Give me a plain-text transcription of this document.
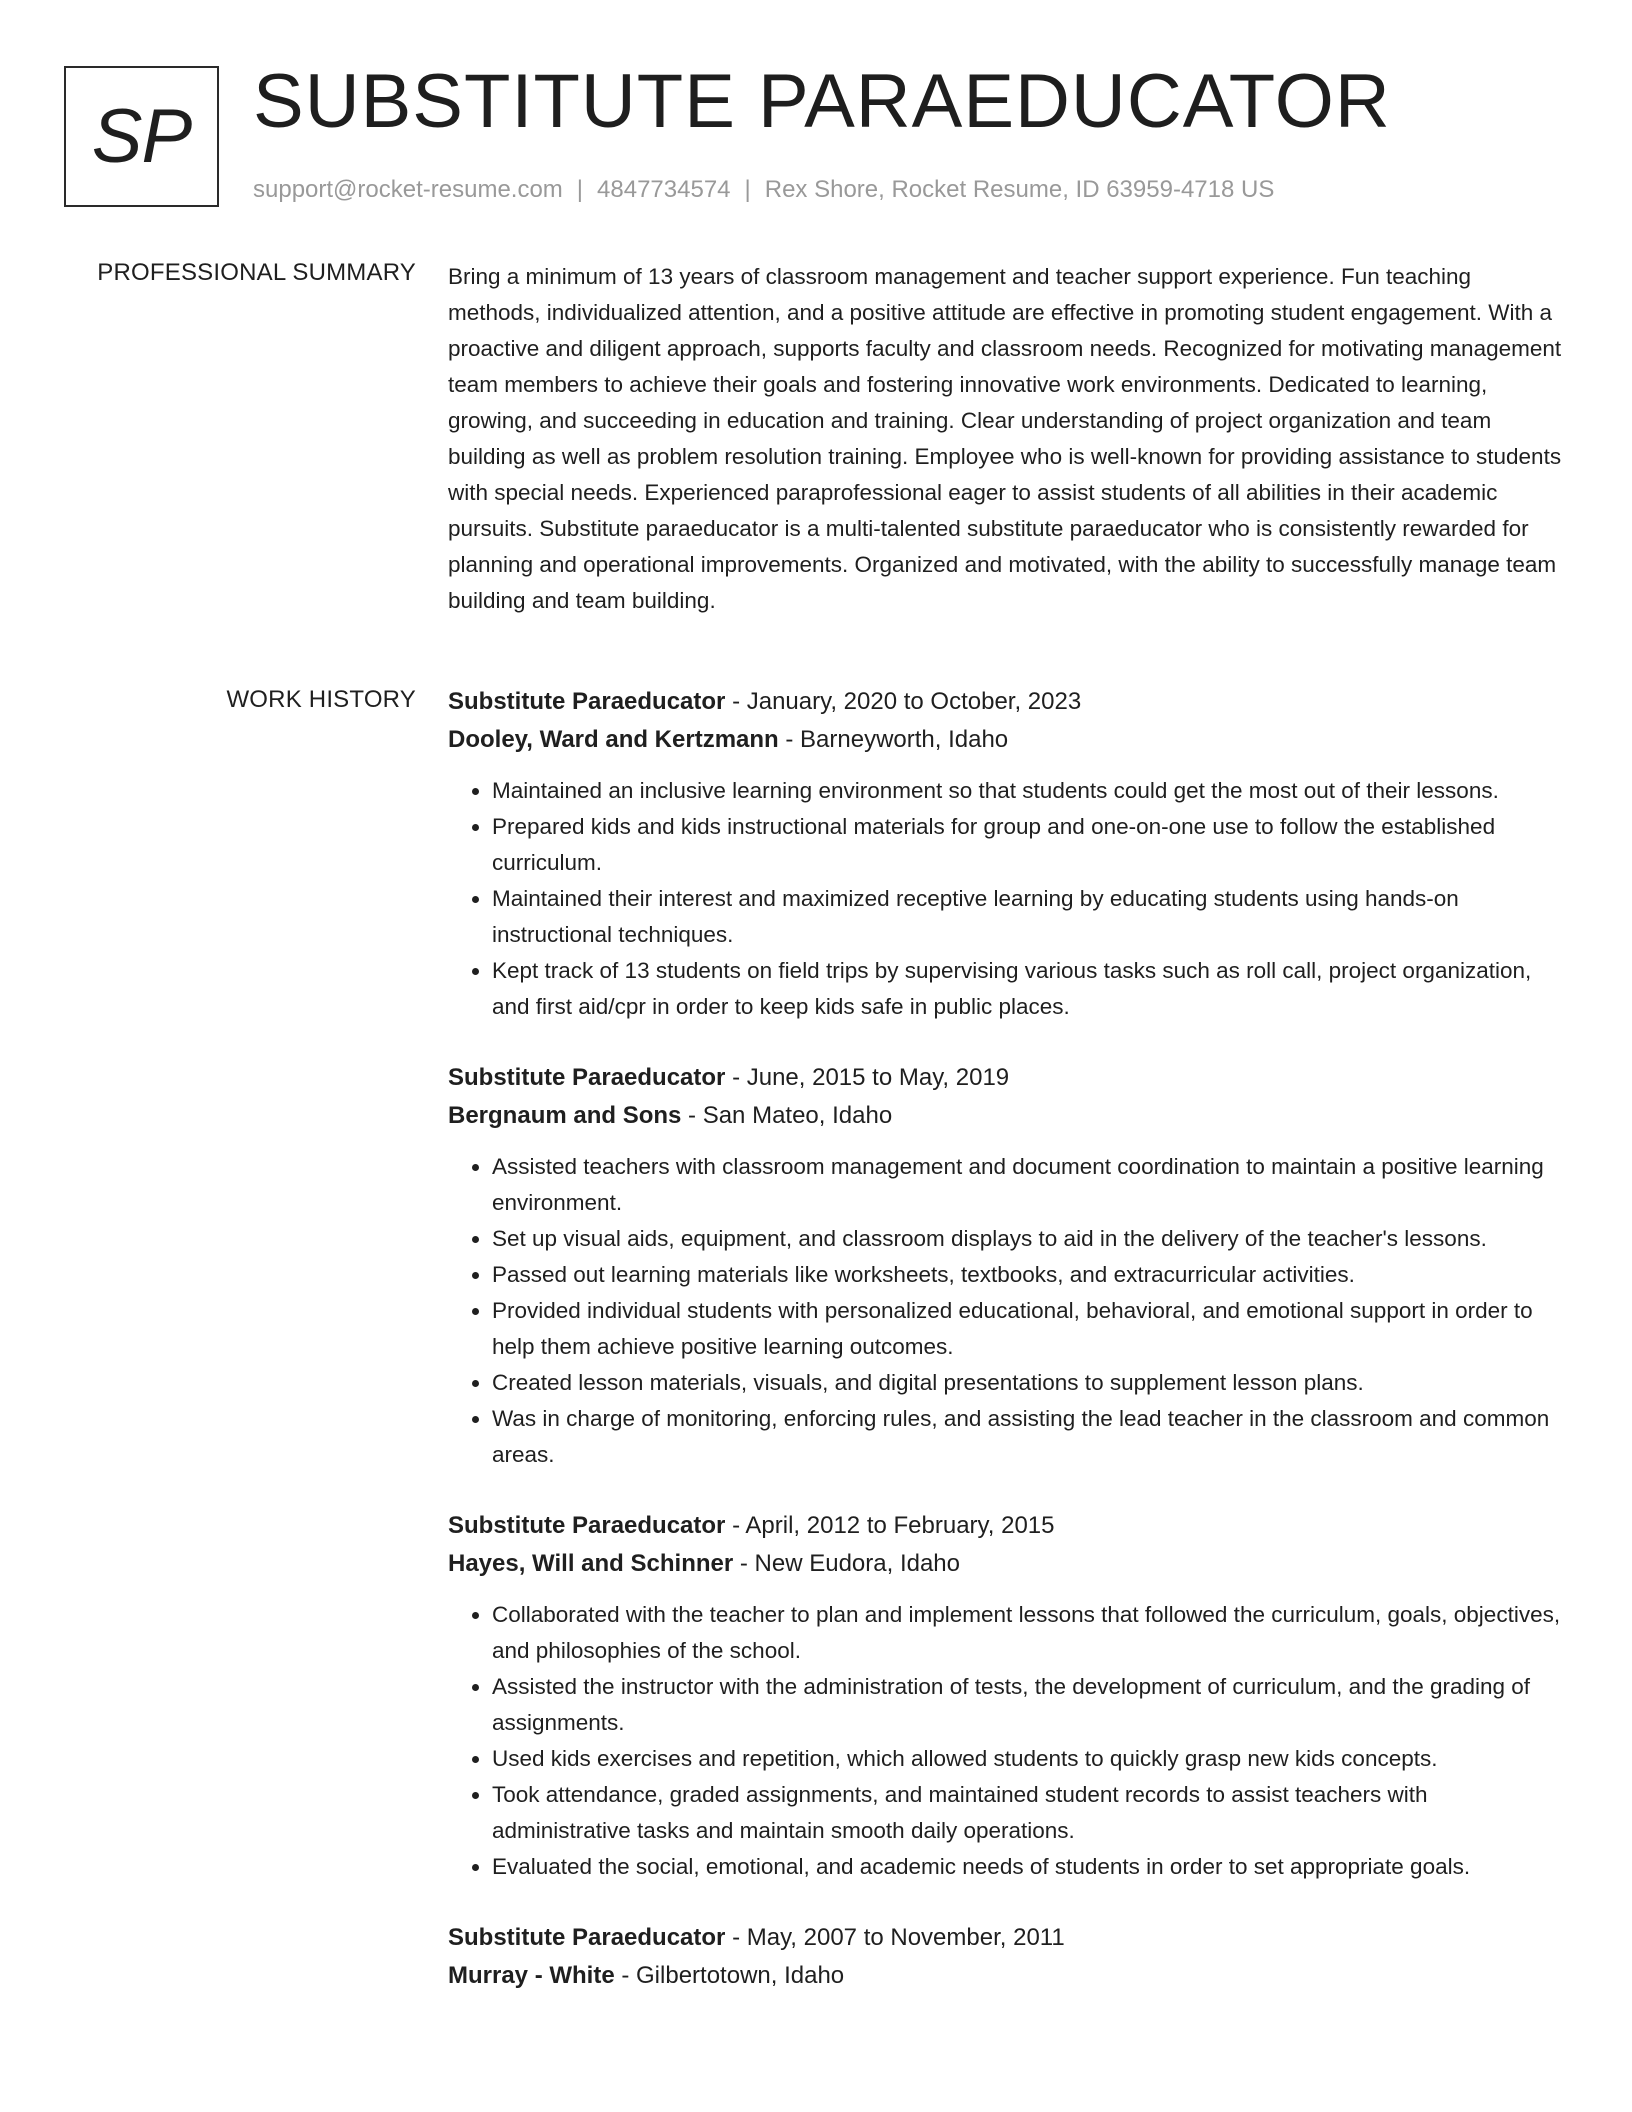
SP SUBSTITUTE PARAEDUCATOR
support@rocket-resume.com | 4847734574 | Rex Shore, Rocket Resume, ID 63959-4718 US
PROFESSIONAL SUMMARY Bring a minimum of 13 years of classroom management and teacher support experience. Fun teaching methods, individualized attention, and a positive attitude are effective in promoting student engagement. With a proactive and diligent approach, supports faculty and classroom needs. Recognized for motivating management team members to achieve their goals and fostering innovative work environments. Dedicated to learning, growing, and succeeding in education and training. Clear understanding of project organization and team building as well as problem resolution training. Employee who is well-known for providing assistance to students with special needs. Experienced paraprofessional eager to assist students of all abilities in their academic pursuits. Substitute paraeducator is a multi-talented substitute paraeducator who is consistently rewarded for planning and operational improvements. Organized and motivated, with the ability to successfully manage team building and team building.
WORK HISTORY Substitute Paraeducator - January, 2020 to October, 2023
Dooley, Ward and Kertzmann - Barneyworth, Idaho
• Maintained an inclusive learning environment so that students could get the most out of their lessons.
• Prepared kids and kids instructional materials for group and one-on-one use to follow the established curriculum.
• Maintained their interest and maximized receptive learning by educating students using hands-on instructional techniques.
• Kept track of 13 students on field trips by supervising various tasks such as roll call, project organization, and first aid/cpr in order to keep kids safe in public places.
Substitute Paraeducator - June, 2015 to May, 2019
Bergnaum and Sons - San Mateo, Idaho
• Assisted teachers with classroom management and document coordination to maintain a positive learning environment.
• Set up visual aids, equipment, and classroom displays to aid in the delivery of the teacher's lessons.
• Passed out learning materials like worksheets, textbooks, and extracurricular activities.
• Provided individual students with personalized educational, behavioral, and emotional support in order to help them achieve positive learning outcomes.
• Created lesson materials, visuals, and digital presentations to supplement lesson plans.
• Was in charge of monitoring, enforcing rules, and assisting the lead teacher in the classroom and common areas.
Substitute Paraeducator - April, 2012 to February, 2015
Hayes, Will and Schinner - New Eudora, Idaho
• Collaborated with the teacher to plan and implement lessons that followed the curriculum, goals, objectives, and philosophies of the school.
• Assisted the instructor with the administration of tests, the development of curriculum, and the grading of assignments.
• Used kids exercises and repetition, which allowed students to quickly grasp new kids concepts.
• Took attendance, graded assignments, and maintained student records to assist teachers with administrative tasks and maintain smooth daily operations.
• Evaluated the social, emotional, and academic needs of students in order to set appropriate goals.
Substitute Paraeducator - May, 2007 to November, 2011
Murray - White - Gilbertotown, Idaho
